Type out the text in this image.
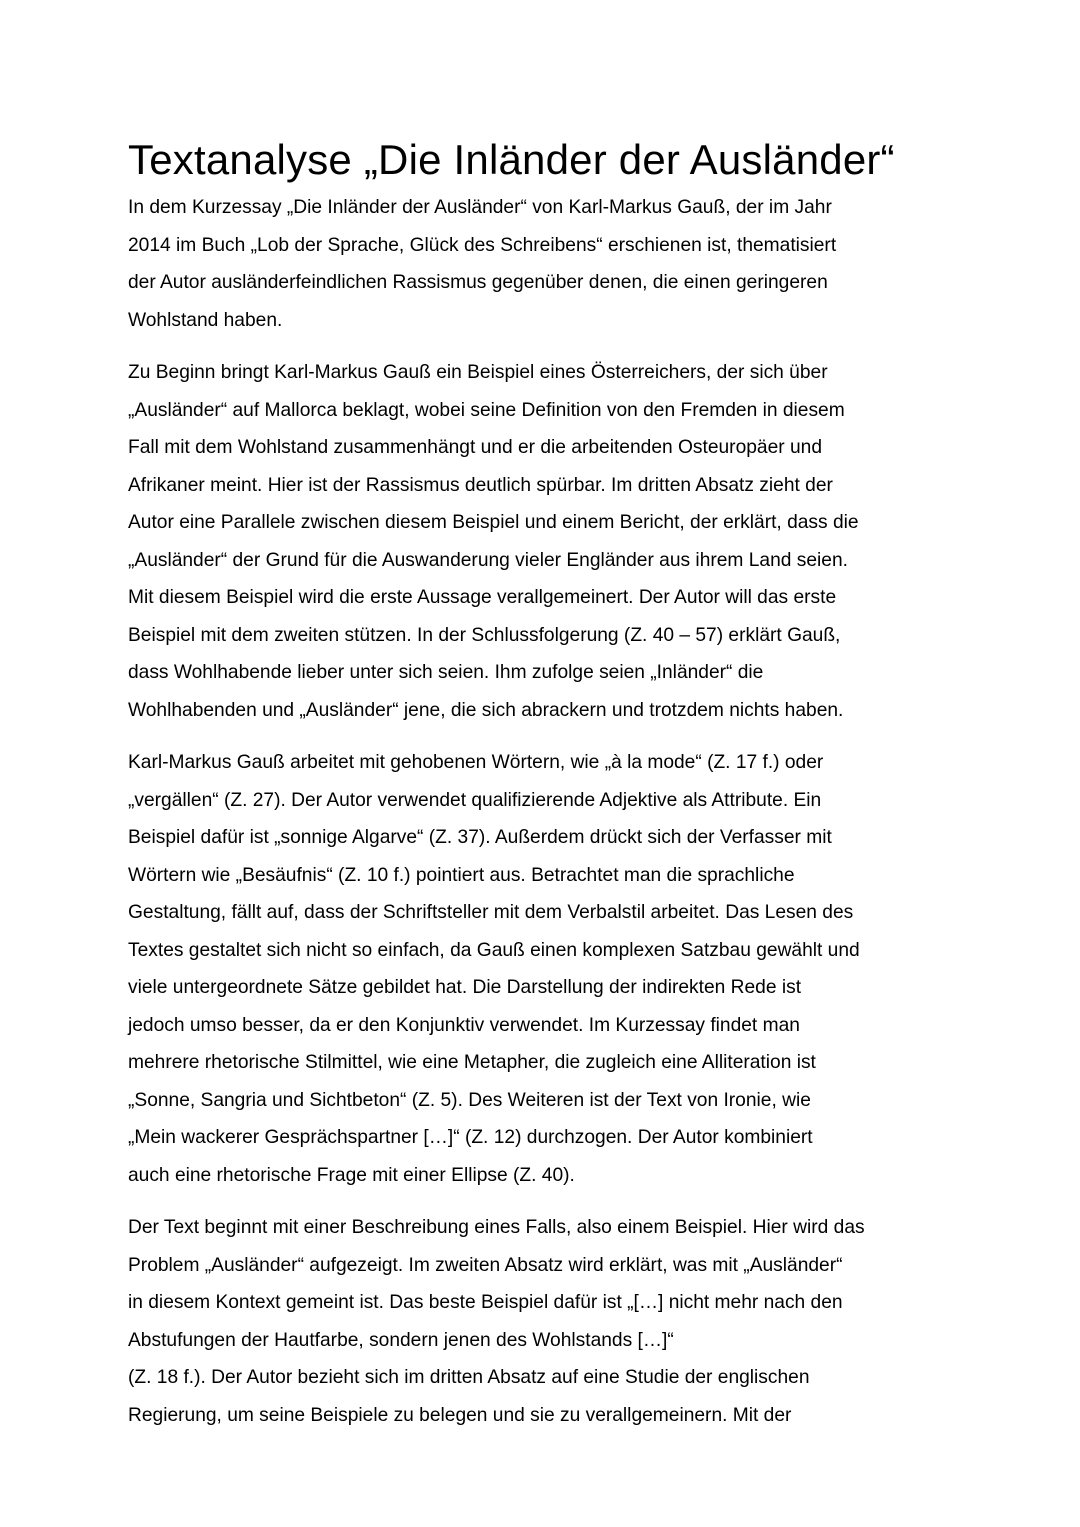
Textanalyse „Die Inländer der Ausländer“
In dem Kurzessay „Die Inländer der Ausländer“ von Karl-Markus Gauß, der im Jahr
2014 im Buch „Lob der Sprache, Glück des Schreibens“ erschienen ist, thematisiert
der Autor ausländerfeindlichen Rassismus gegenüber denen, die einen geringeren
Wohlstand haben.
Zu Beginn bringt Karl-Markus Gauß ein Beispiel eines Österreichers, der sich über
„Ausländer“ auf Mallorca beklagt, wobei seine Definition von den Fremden in diesem
Fall mit dem Wohlstand zusammenhängt und er die arbeitenden Osteuropäer und
Afrikaner meint. Hier ist der Rassismus deutlich spürbar. Im dritten Absatz zieht der
Autor eine Parallele zwischen diesem Beispiel und einem Bericht, der erklärt, dass die
„Ausländer“ der Grund für die Auswanderung vieler Engländer aus ihrem Land seien.
Mit diesem Beispiel wird die erste Aussage verallgemeinert. Der Autor will das erste
Beispiel mit dem zweiten stützen. In der Schlussfolgerung (Z. 40 – 57) erklärt Gauß,
dass Wohlhabende lieber unter sich seien. Ihm zufolge seien „Inländer“ die
Wohlhabenden und „Ausländer“ jene, die sich abrackern und trotzdem nichts haben.
Karl-Markus Gauß arbeitet mit gehobenen Wörtern, wie „à la mode“ (Z. 17 f.) oder
„vergällen“ (Z. 27). Der Autor verwendet qualifizierende Adjektive als Attribute. Ein
Beispiel dafür ist „sonnige Algarve“ (Z. 37). Außerdem drückt sich der Verfasser mit
Wörtern wie „Besäufnis“ (Z. 10 f.) pointiert aus. Betrachtet man die sprachliche
Gestaltung, fällt auf, dass der Schriftsteller mit dem Verbalstil arbeitet. Das Lesen des
Textes gestaltet sich nicht so einfach, da Gauß einen komplexen Satzbau gewählt und
viele untergeordnete Sätze gebildet hat. Die Darstellung der indirekten Rede ist
jedoch umso besser, da er den Konjunktiv verwendet. Im Kurzessay findet man
mehrere rhetorische Stilmittel, wie eine Metapher, die zugleich eine Alliteration ist
„Sonne, Sangria und Sichtbeton“ (Z. 5). Des Weiteren ist der Text von Ironie, wie
„Mein wackerer Gesprächspartner […]“ (Z. 12) durchzogen. Der Autor kombiniert
auch eine rhetorische Frage mit einer Ellipse (Z. 40).
Der Text beginnt mit einer Beschreibung eines Falls, also einem Beispiel. Hier wird das
Problem „Ausländer“ aufgezeigt. Im zweiten Absatz wird erklärt, was mit „Ausländer“
in diesem Kontext gemeint ist. Das beste Beispiel dafür ist „[…] nicht mehr nach den
Abstufungen der Hautfarbe, sondern jenen des Wohlstands […]“
(Z. 18 f.). Der Autor bezieht sich im dritten Absatz auf eine Studie der englischen
Regierung, um seine Beispiele zu belegen und sie zu verallgemeinern. Mit der
